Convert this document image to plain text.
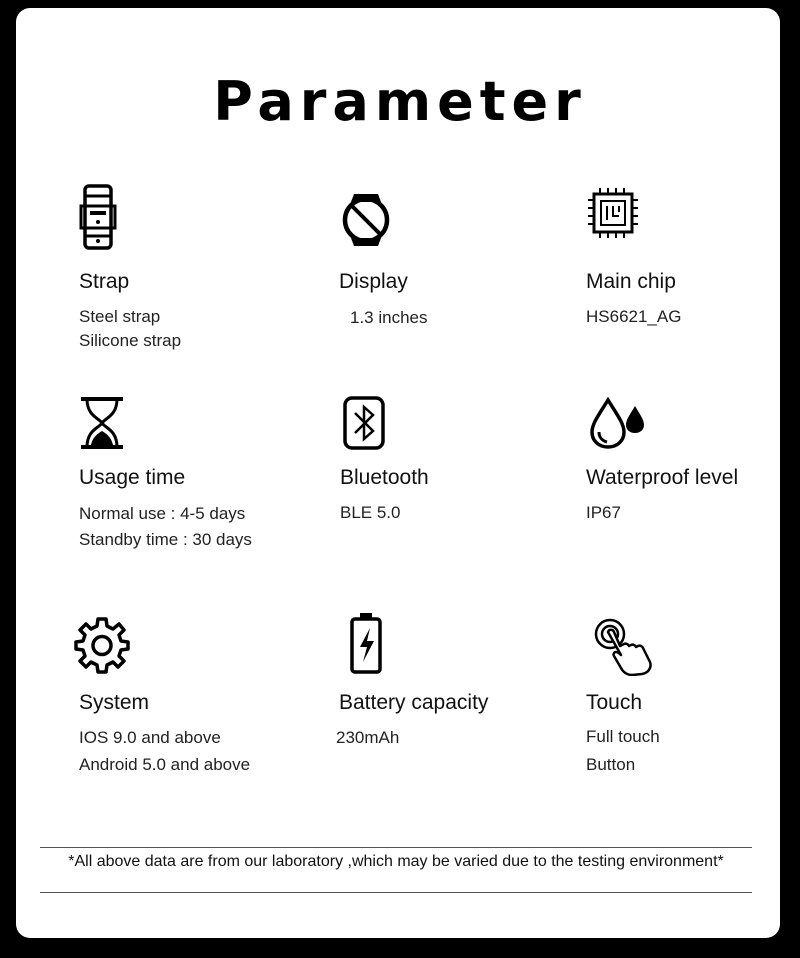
Parameter
Strap
Steel strap
Silicone strap
Display
1.3 inches
Main chip
HS6621_AG
Usage time
Normal use : 4-5 days
Standby time : 30 days
Bluetooth
BLE 5.0
Waterproof level
IP67
System
IOS 9.0 and above
Android 5.0 and above
Battery capacity
230mAh
Touch
Full touch
Button
*All above data are from our laboratory ,which may be varied due to the testing environment*
